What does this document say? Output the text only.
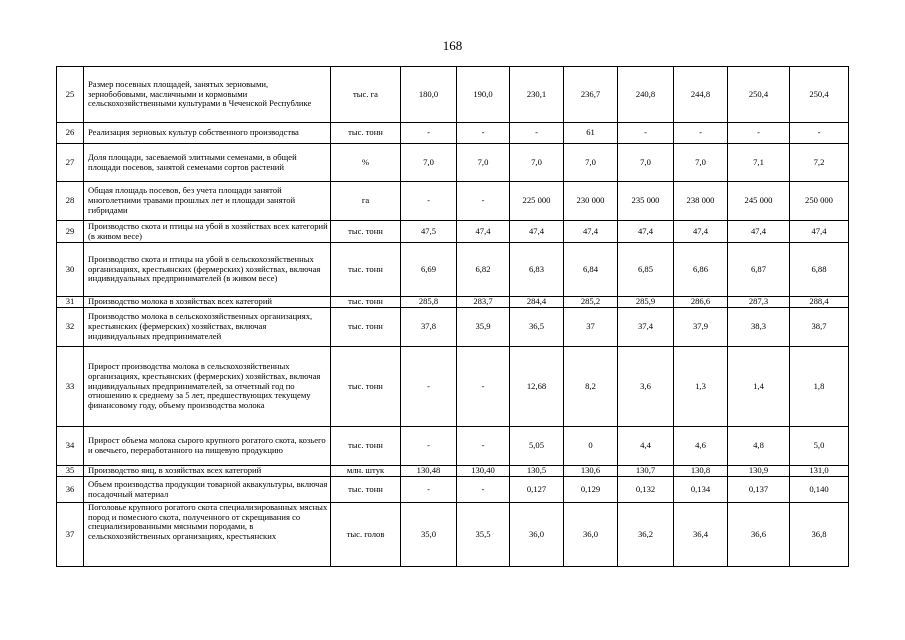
168
25	Размер посевных площадей, занятых зерновыми, зернобобовыми, масличными и кормовыми сельскохозяйственными культурами в Чеченской Республике	тыс. га	180,0	190,0	230,1	236,7	240,8	244,8	250,4	250,4
26	Реализация зерновых культур собственного производства	тыс. тонн	-	-	-	61	-	-	-	-
27	Доля площади, засеваемой элитными семенами, в общей площади посевов, занятой семенами сортов растений	%	7,0	7,0	7,0	7,0	7,0	7,0	7,1	7,2
28	Общая площадь посевов, без учета площади занятой многолетними травами прошлых лет и площади занятой гибридами	га	-	-	225 000	230 000	235 000	238 000	245 000	250 000
29	Производство скота и птицы на убой в хозяйствах всех категорий (в живом весе)	тыс. тонн	47,5	47,4	47,4	47,4	47,4	47,4	47,4	47,4
30	Производство скота и птицы на убой в сельскохозяйственных организациях, крестьянских (фермерских) хозяйствах, включая индивидуальных предпринимателей (в живом весе)	тыс. тонн	6,69	6,82	6,83	6,84	6,85	6,86	6,87	6,88
31	Производство молока в хозяйствах всех категорий	тыс. тонн	285,8	283,7	284,4	285,2	285,9	286,6	287,3	288,4
32	Производство молока в сельскохозяйственных организациях, крестьянских (фермерских) хозяйствах, включая индивидуальных предпринимателей	тыс. тонн	37,8	35,9	36,5	37	37,4	37,9	38,3	38,7
33	Прирост производства молока в сельскохозяйственных организациях, крестьянских (фермерских) хозяйствах, включая индивидуальных предпринимателей, за отчетный год по отношению к среднему за 5 лет, предшествующих текущему финансовому году, объему производства молока	тыс. тонн	-	-	12,68	8,2	3,6	1,3	1,4	1,8
34	Прирост объема молока сырого крупного рогатого скота, козьего и овечьего, переработанного на пищевую продукцию	тыс. тонн	-	-	5,05	0	4,4	4,6	4,8	5,0
35	Производство яиц, в хозяйствах всех категорий	млн. штук	130,48	130,40	130,5	130,6	130,7	130,8	130,9	131,0
36	Объем производства продукции товарной аквакультуры, включая посадочный материал	тыс. тонн	-	-	0,127	0,129	0,132	0,134	0,137	0,140
37	Поголовье крупного рогатого скота специализированных мясных пород и помесного скота, полученного от скрещивания со специализированными мясными породами, в сельскохозяйственных организациях, крестьянских	тыс. голов	35,0	35,5	36,0	36,0	36,2	36,4	36,6	36,8
